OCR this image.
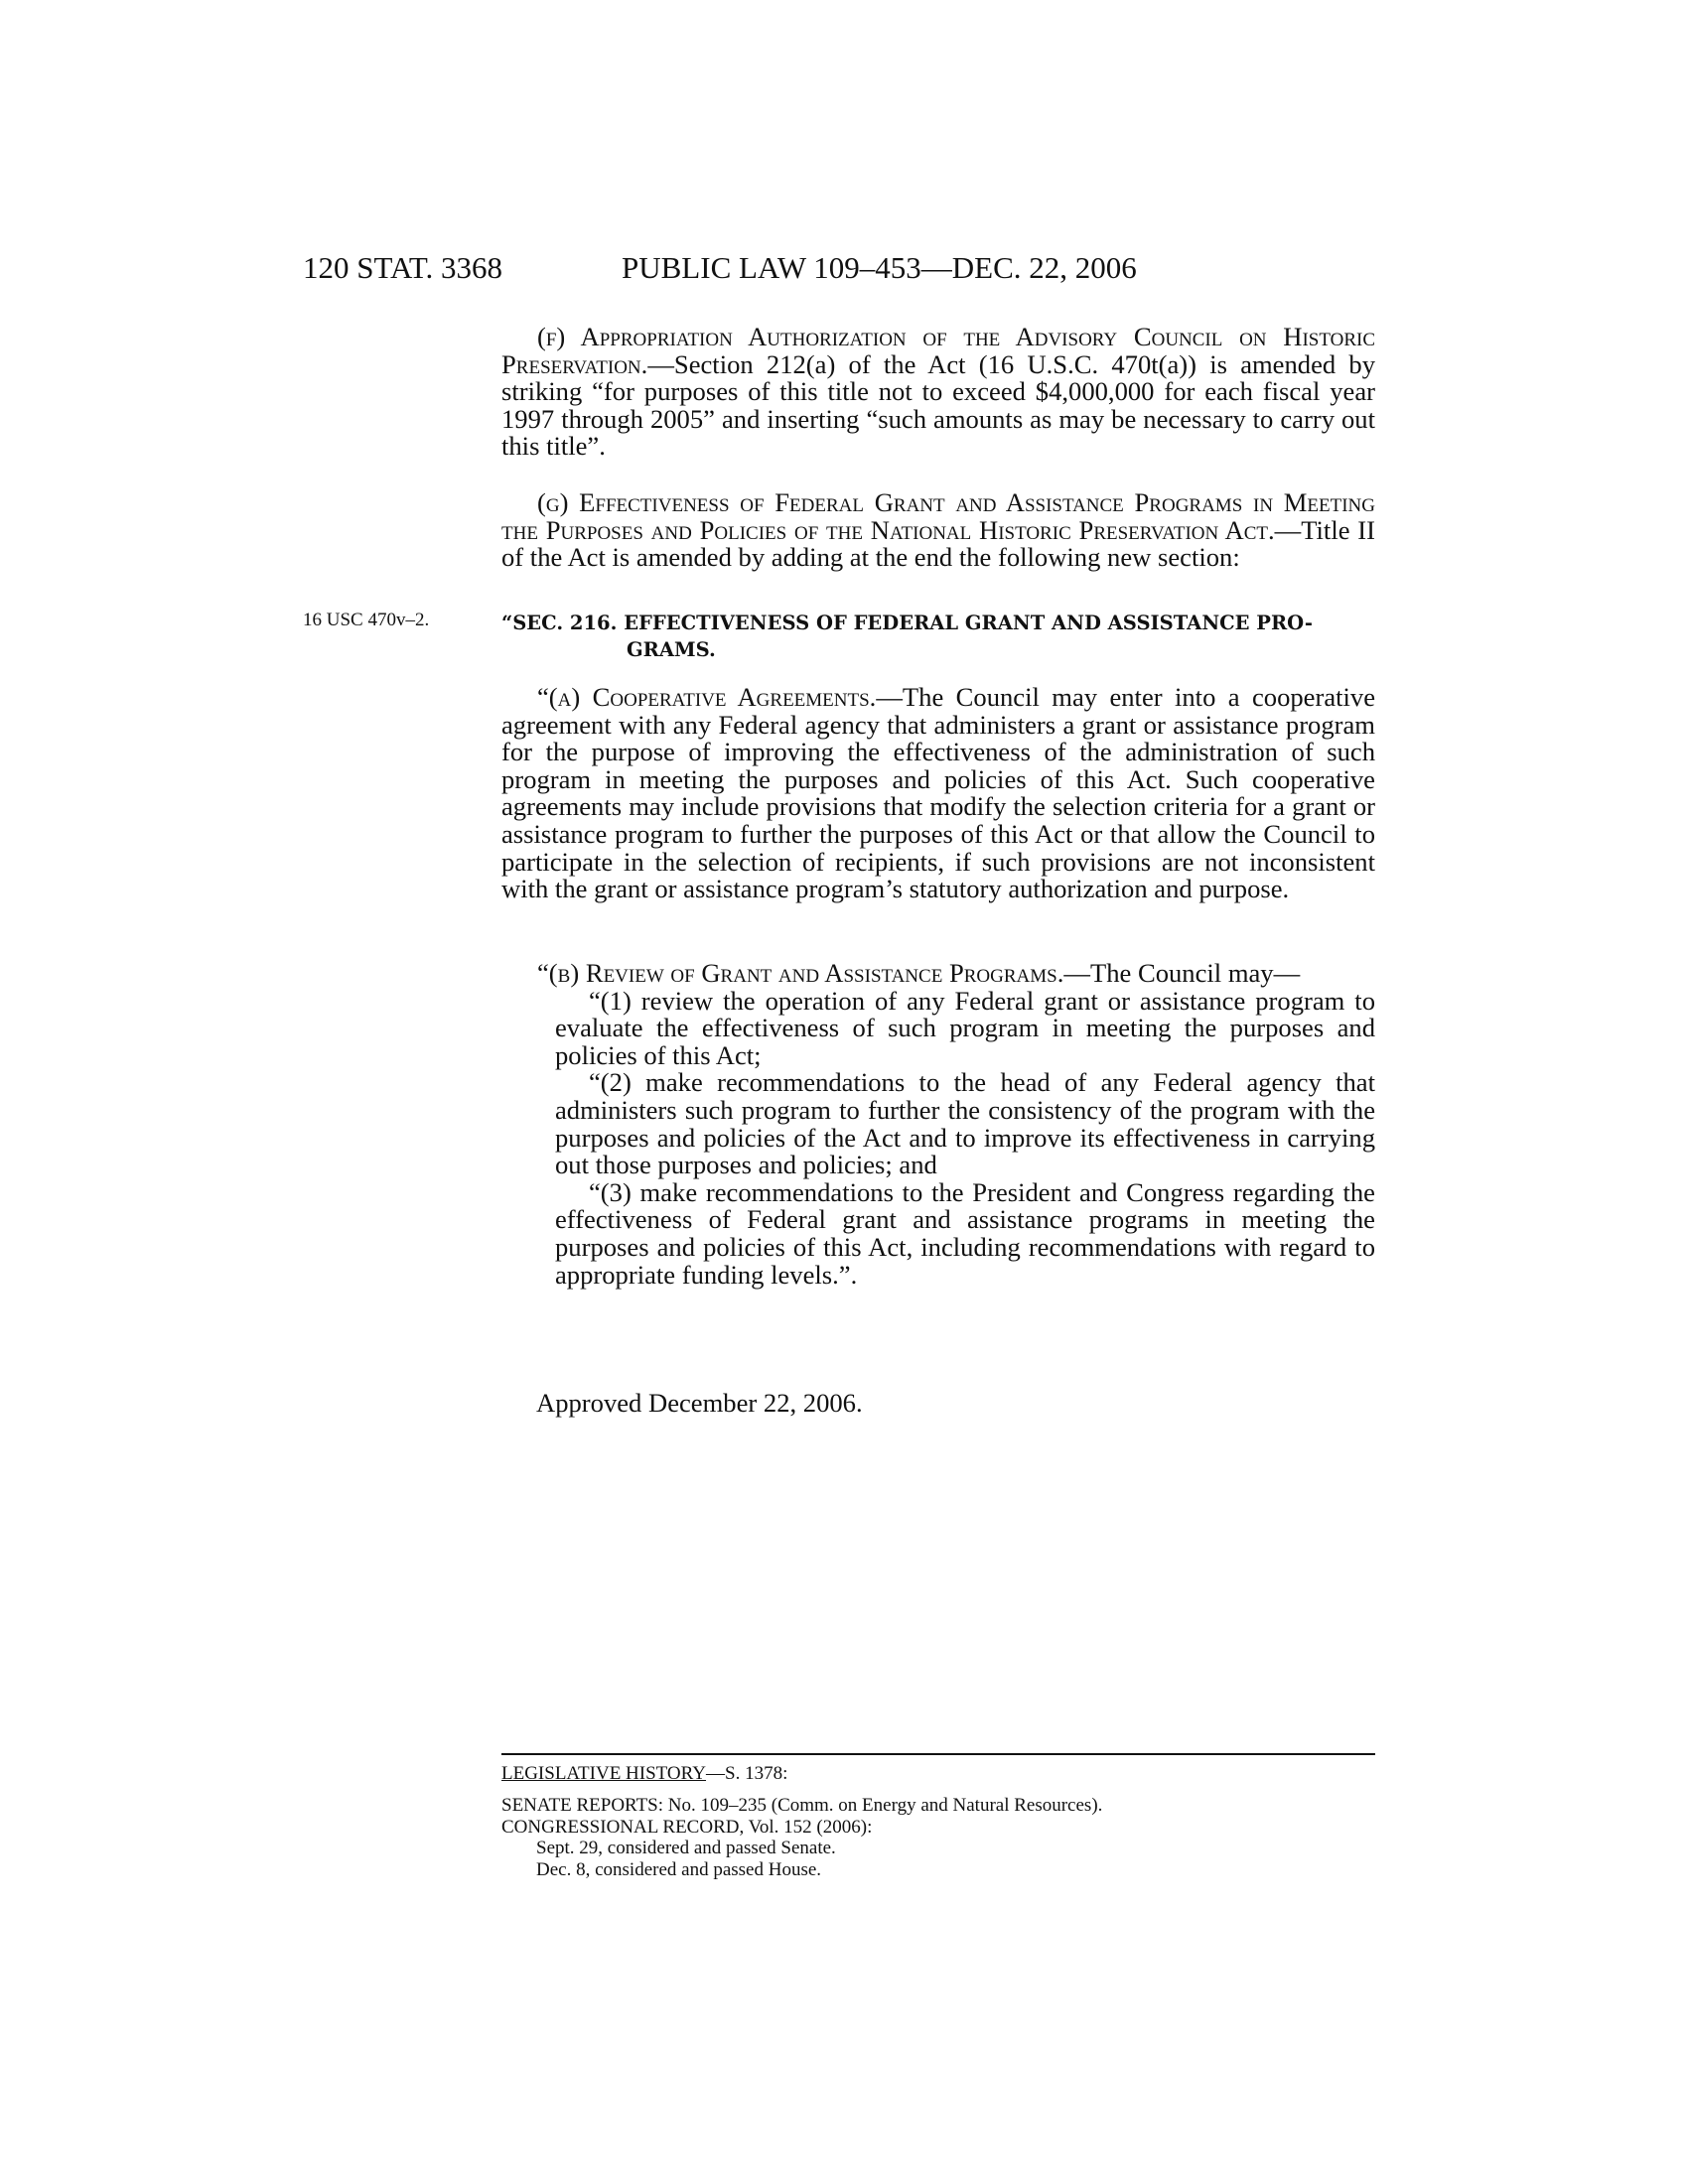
120 STAT. 3368	PUBLIC LAW 109–453—DEC. 22, 2006

(f) Appropriation Authorization of the Advisory Council on Historic Preservation.—Section 212(a) of the Act (16 U.S.C. 470t(a)) is amended by striking “for purposes of this title not to exceed $4,000,000 for each fiscal year 1997 through 2005” and inserting “such amounts as may be necessary to carry out this title”.

(g) Effectiveness of Federal Grant and Assistance Programs in Meeting the Purposes and Policies of the National Historic Preservation Act.—Title II of the Act is amended by adding at the end the following new section:

16 USC 470v–2.	“SEC. 216. EFFECTIVENESS OF FEDERAL GRANT AND ASSISTANCE PRO-
GRAMS.

“(a) Cooperative Agreements.—The Council may enter into a cooperative agreement with any Federal agency that administers a grant or assistance program for the purpose of improving the effectiveness of the administration of such program in meeting the purposes and policies of this Act. Such cooperative agreements may include provisions that modify the selection criteria for a grant or assistance program to further the purposes of this Act or that allow the Council to participate in the selection of recipients, if such provisions are not inconsistent with the grant or assistance program’s statutory authorization and purpose.

“(b) Review of Grant and Assistance Programs.—The Council may—

“(1) review the operation of any Federal grant or assistance program to evaluate the effectiveness of such program in meeting the purposes and policies of this Act;

“(2) make recommendations to the head of any Federal agency that administers such program to further the consistency of the program with the purposes and policies of the Act and to improve its effectiveness in carrying out those purposes and policies; and

“(3) make recommendations to the President and Congress regarding the effectiveness of Federal grant and assistance programs in meeting the purposes and policies of this Act, including recommendations with regard to appropriate funding levels.”.

Approved December 22, 2006.
LEGISLATIVE HISTORY—S. 1378:
SENATE REPORTS: No. 109–235 (Comm. on Energy and Natural Resources).
CONGRESSIONAL RECORD, Vol. 152 (2006):
Sept. 29, considered and passed Senate.
Dec. 8, considered and passed House.
